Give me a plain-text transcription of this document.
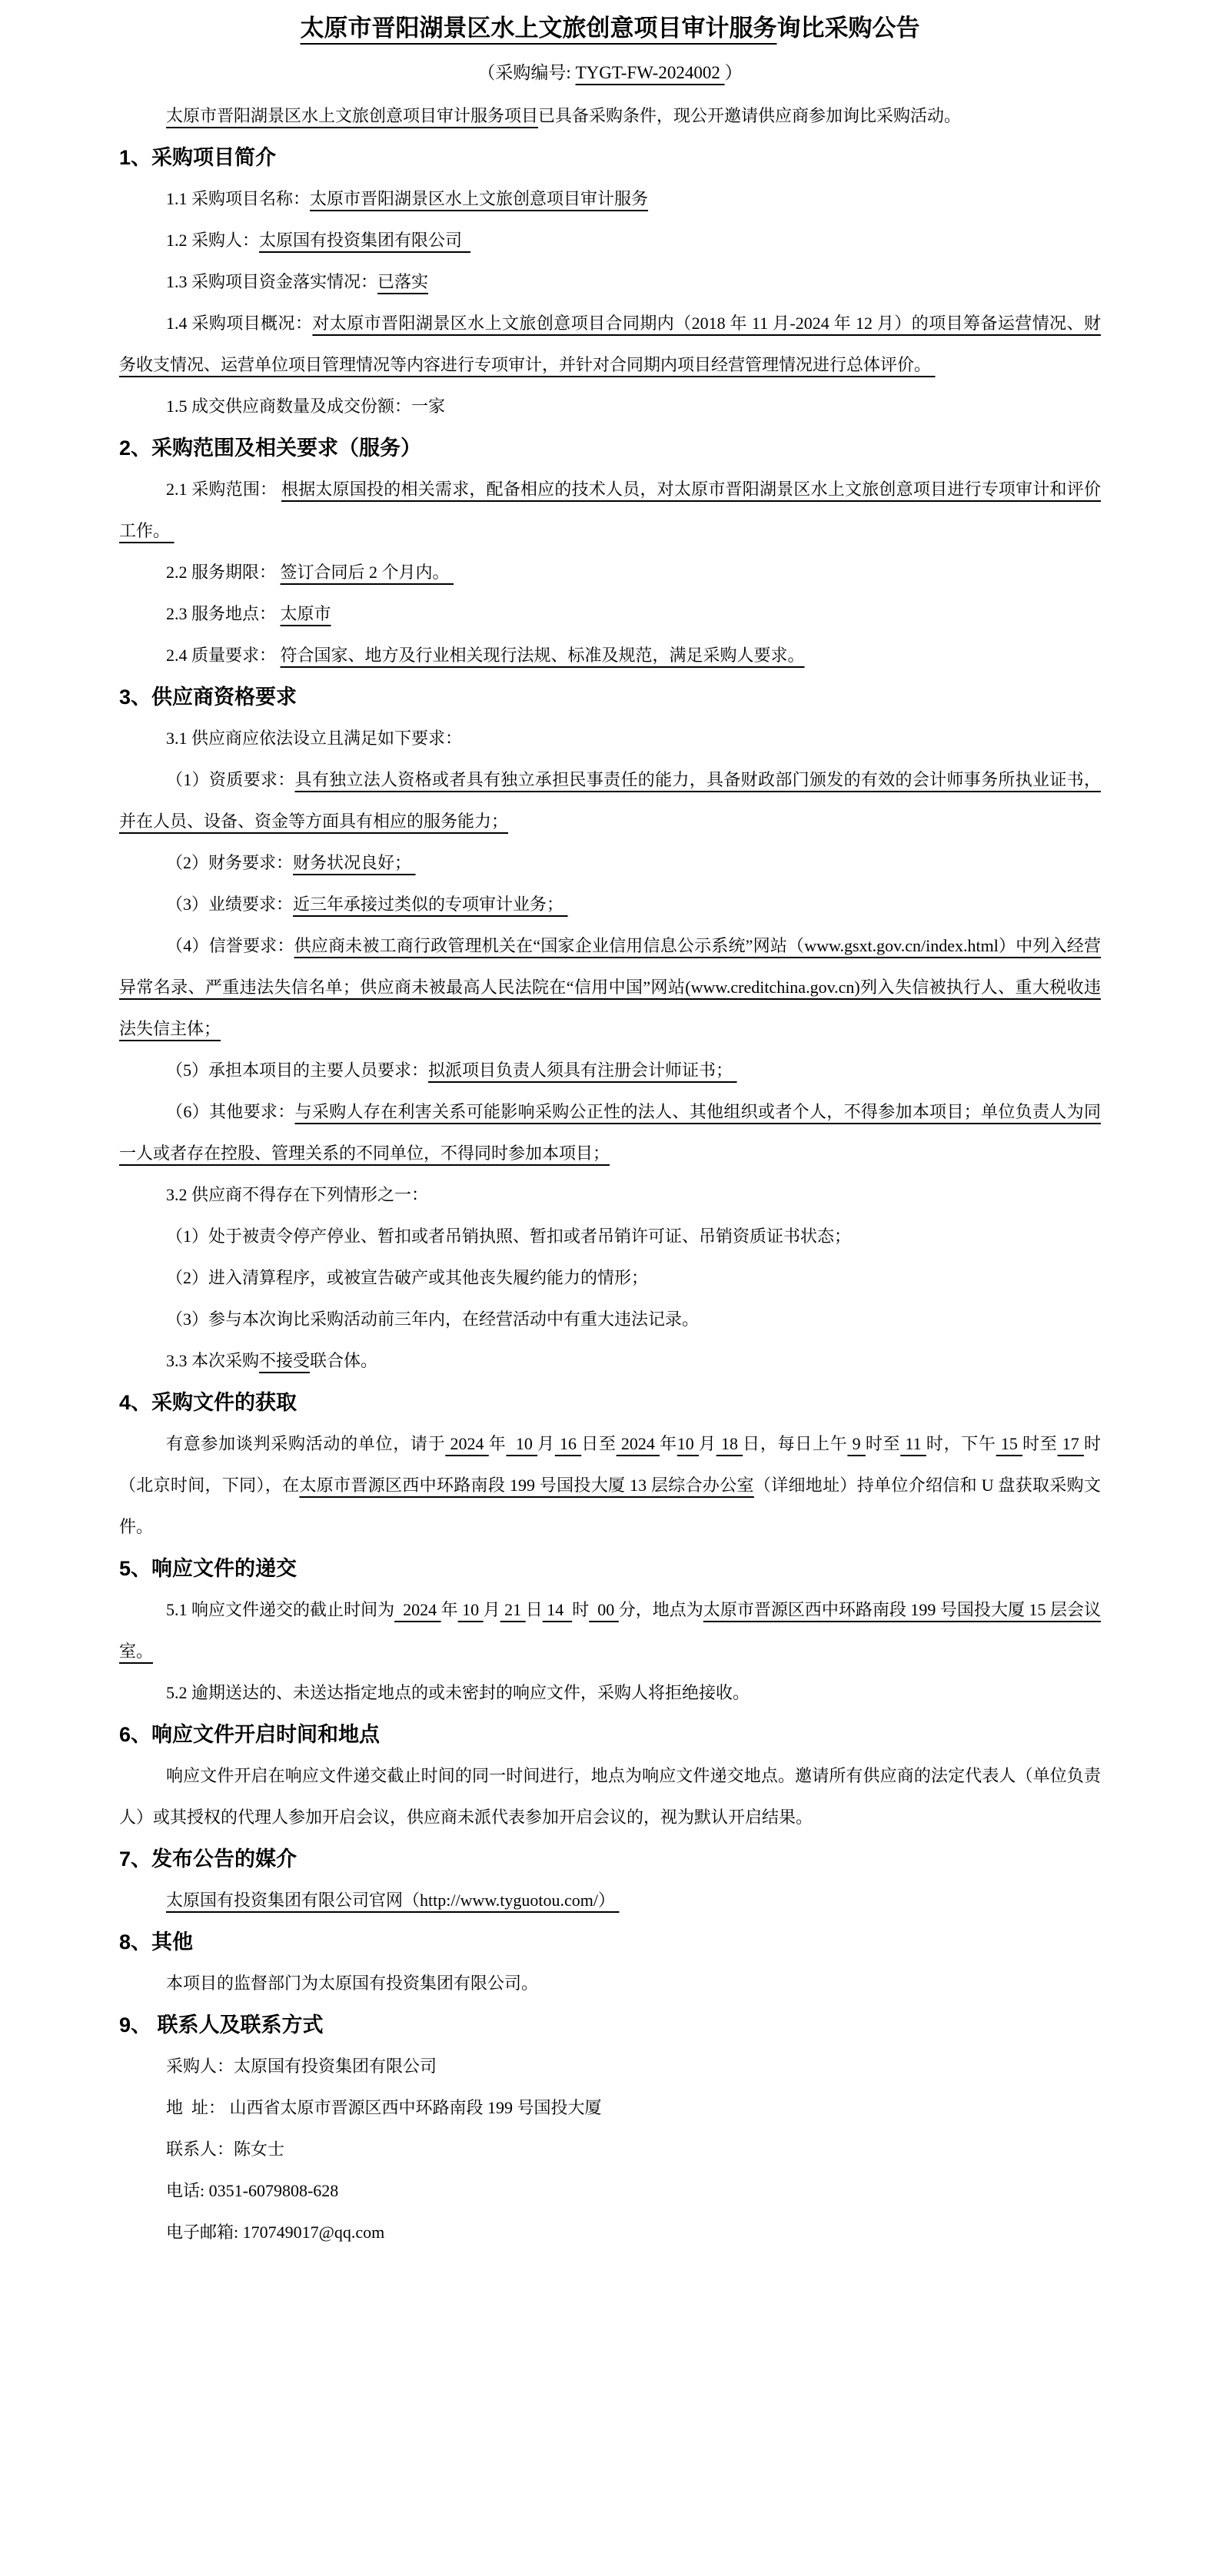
太原市晋阳湖景区水上文旅创意项目审计服务询比采购公告
（采购编号: TYGT-FW-2024002 ）
太原市晋阳湖景区水上文旅创意项目审计服务项目已具备采购条件，现公开邀请供应商参加询比采购活动。
1、采购项目简介
1.1 采购项目名称：太原市晋阳湖景区水上文旅创意项目审计服务
1.2 采购人：太原国有投资集团有限公司
1.3 采购项目资金落实情况：已落实
1.4 采购项目概况：对太原市晋阳湖景区水上文旅创意项目合同期内（2018 年 11 月-2024 年 12 月）的项目筹备运营情况、财务收支情况、运营单位项目管理情况等内容进行专项审计，并针对合同期内项目经营管理情况进行总体评价。
1.5 成交供应商数量及成交份额：一家
2、采购范围及相关要求（服务）
2.1 采购范围： 根据太原国投的相关需求，配备相应的技术人员，对太原市晋阳湖景区水上文旅创意项目进行专项审计和评价工作。
2.2 服务期限： 签订合同后 2 个月内。
2.3 服务地点： 太原市
2.4 质量要求： 符合国家、地方及行业相关现行法规、标准及规范，满足采购人要求。
3、供应商资格要求
3.1 供应商应依法设立且满足如下要求：
（1）资质要求：具有独立法人资格或者具有独立承担民事责任的能力，具备财政部门颁发的有效的会计师事务所执业证书，并在人员、设备、资金等方面具有相应的服务能力；
（2）财务要求：财务状况良好；
（3）业绩要求：近三年承接过类似的专项审计业务；
（4）信誉要求：供应商未被工商行政管理机关在“国家企业信用信息公示系统”网站（www.gsxt.gov.cn/index.html）中列入经营异常名录、严重违法失信名单；供应商未被最高人民法院在“信用中国”网站(www.creditchina.gov.cn)列入失信被执行人、重大税收违法失信主体；
（5）承担本项目的主要人员要求：拟派项目负责人须具有注册会计师证书；
（6）其他要求：与采购人存在利害关系可能影响采购公正性的法人、其他组织或者个人，不得参加本项目；单位负责人为同一人或者存在控股、管理关系的不同单位，不得同时参加本项目；
3.2 供应商不得存在下列情形之一：
（1）处于被责令停产停业、暂扣或者吊销执照、暂扣或者吊销许可证、吊销资质证书状态；
（2）进入清算程序，或被宣告破产或其他丧失履约能力的情形；
（3）参与本次询比采购活动前三年内，在经营活动中有重大违法记录。
3.3 本次采购不接受联合体。
4、采购文件的获取
有意参加谈判采购活动的单位，请于 2024 年  10 月 16 日至 2024 年10 月 18 日，每日上午 9 时至 11 时，下午 15 时至 17 时（北京时间，下同），在太原市晋源区西中环路南段 199 号国投大厦 13 层综合办公室（详细地址）持单位介绍信和 U 盘获取采购文件。
5、响应文件的递交
5.1 响应文件递交的截止时间为  2024 年 10 月 21 日 14  时  00 分，地点为太原市晋源区西中环路南段 199 号国投大厦 15 层会议室。
5.2 逾期送达的、未送达指定地点的或未密封的响应文件，采购人将拒绝接收。
6、响应文件开启时间和地点
响应文件开启在响应文件递交截止时间的同一时间进行，地点为响应文件递交地点。邀请所有供应商的法定代表人（单位负责人）或其授权的代理人参加开启会议，供应商未派代表参加开启会议的，视为默认开启结果。
7、发布公告的媒介
太原国有投资集团有限公司官网（http://www.tyguotou.com/）
8、其他
本项目的监督部门为太原国有投资集团有限公司。
9、 联系人及联系方式
采购人：太原国有投资集团有限公司
地  址： 山西省太原市晋源区西中环路南段 199 号国投大厦
联系人：陈女士
电话: 0351-6079808-628
电子邮箱: 170749017@qq.com
